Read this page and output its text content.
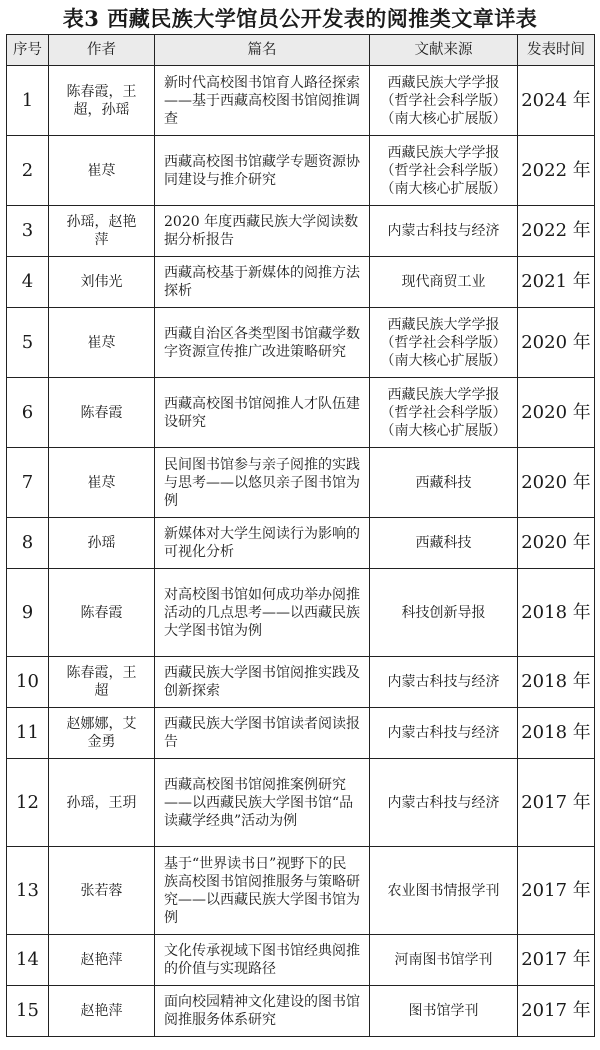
表3 西藏民族大学馆员公开发表的阅推类文章详表
序号	作者	篇名	文献来源	发表时间
1	陈春霞，王超，孙瑶	新时代高校图书馆育人路径探索——基于西藏高校图书馆阅推调查	西藏民族大学学报（哲学社会科学版）（南大核心扩展版）	2024 年
2	崔荩	西藏高校图书馆藏学专题资源协同建设与推介研究	西藏民族大学学报（哲学社会科学版）（南大核心扩展版）	2022 年
3	孙瑶，赵艳萍	2020 年度西藏民族大学阅读数据分析报告	内蒙古科技与经济	2022 年
4	刘伟光	西藏高校基于新媒体的阅推方法探析	现代商贸工业	2021 年
5	崔荩	西藏自治区各类型图书馆藏学数字资源宣传推广改进策略研究	西藏民族大学学报（哲学社会科学版）（南大核心扩展版）	2020 年
6	陈春霞	西藏高校图书馆阅推人才队伍建设研究	西藏民族大学学报（哲学社会科学版）（南大核心扩展版）	2020 年
7	崔荩	民间图书馆参与亲子阅推的实践与思考——以悠贝亲子图书馆为例	西藏科技	2020 年
8	孙瑶	新媒体对大学生阅读行为影响的可视化分析	西藏科技	2020 年
9	陈春霞	对高校图书馆如何成功举办阅推活动的几点思考——以西藏民族大学图书馆为例	科技创新导报	2018 年
10	陈春霞，王超	西藏民族大学图书馆阅推实践及创新探索	内蒙古科技与经济	2018 年
11	赵娜娜，艾金勇	西藏民族大学图书馆读者阅读报告	内蒙古科技与经济	2018 年
12	孙瑶，王玥	西藏高校图书馆阅推案例研究——以西藏民族大学图书馆“品读藏学经典”活动为例	内蒙古科技与经济	2017 年
13	张若蓉	基于“世界读书日”视野下的民族高校图书馆阅推服务与策略研究——以西藏民族大学图书馆为例	农业图书情报学刊	2017 年
14	赵艳萍	文化传承视域下图书馆经典阅推的价值与实现路径	河南图书馆学刊	2017 年
15	赵艳萍	面向校园精神文化建设的图书馆阅推服务体系研究	图书馆学刊	2017 年
